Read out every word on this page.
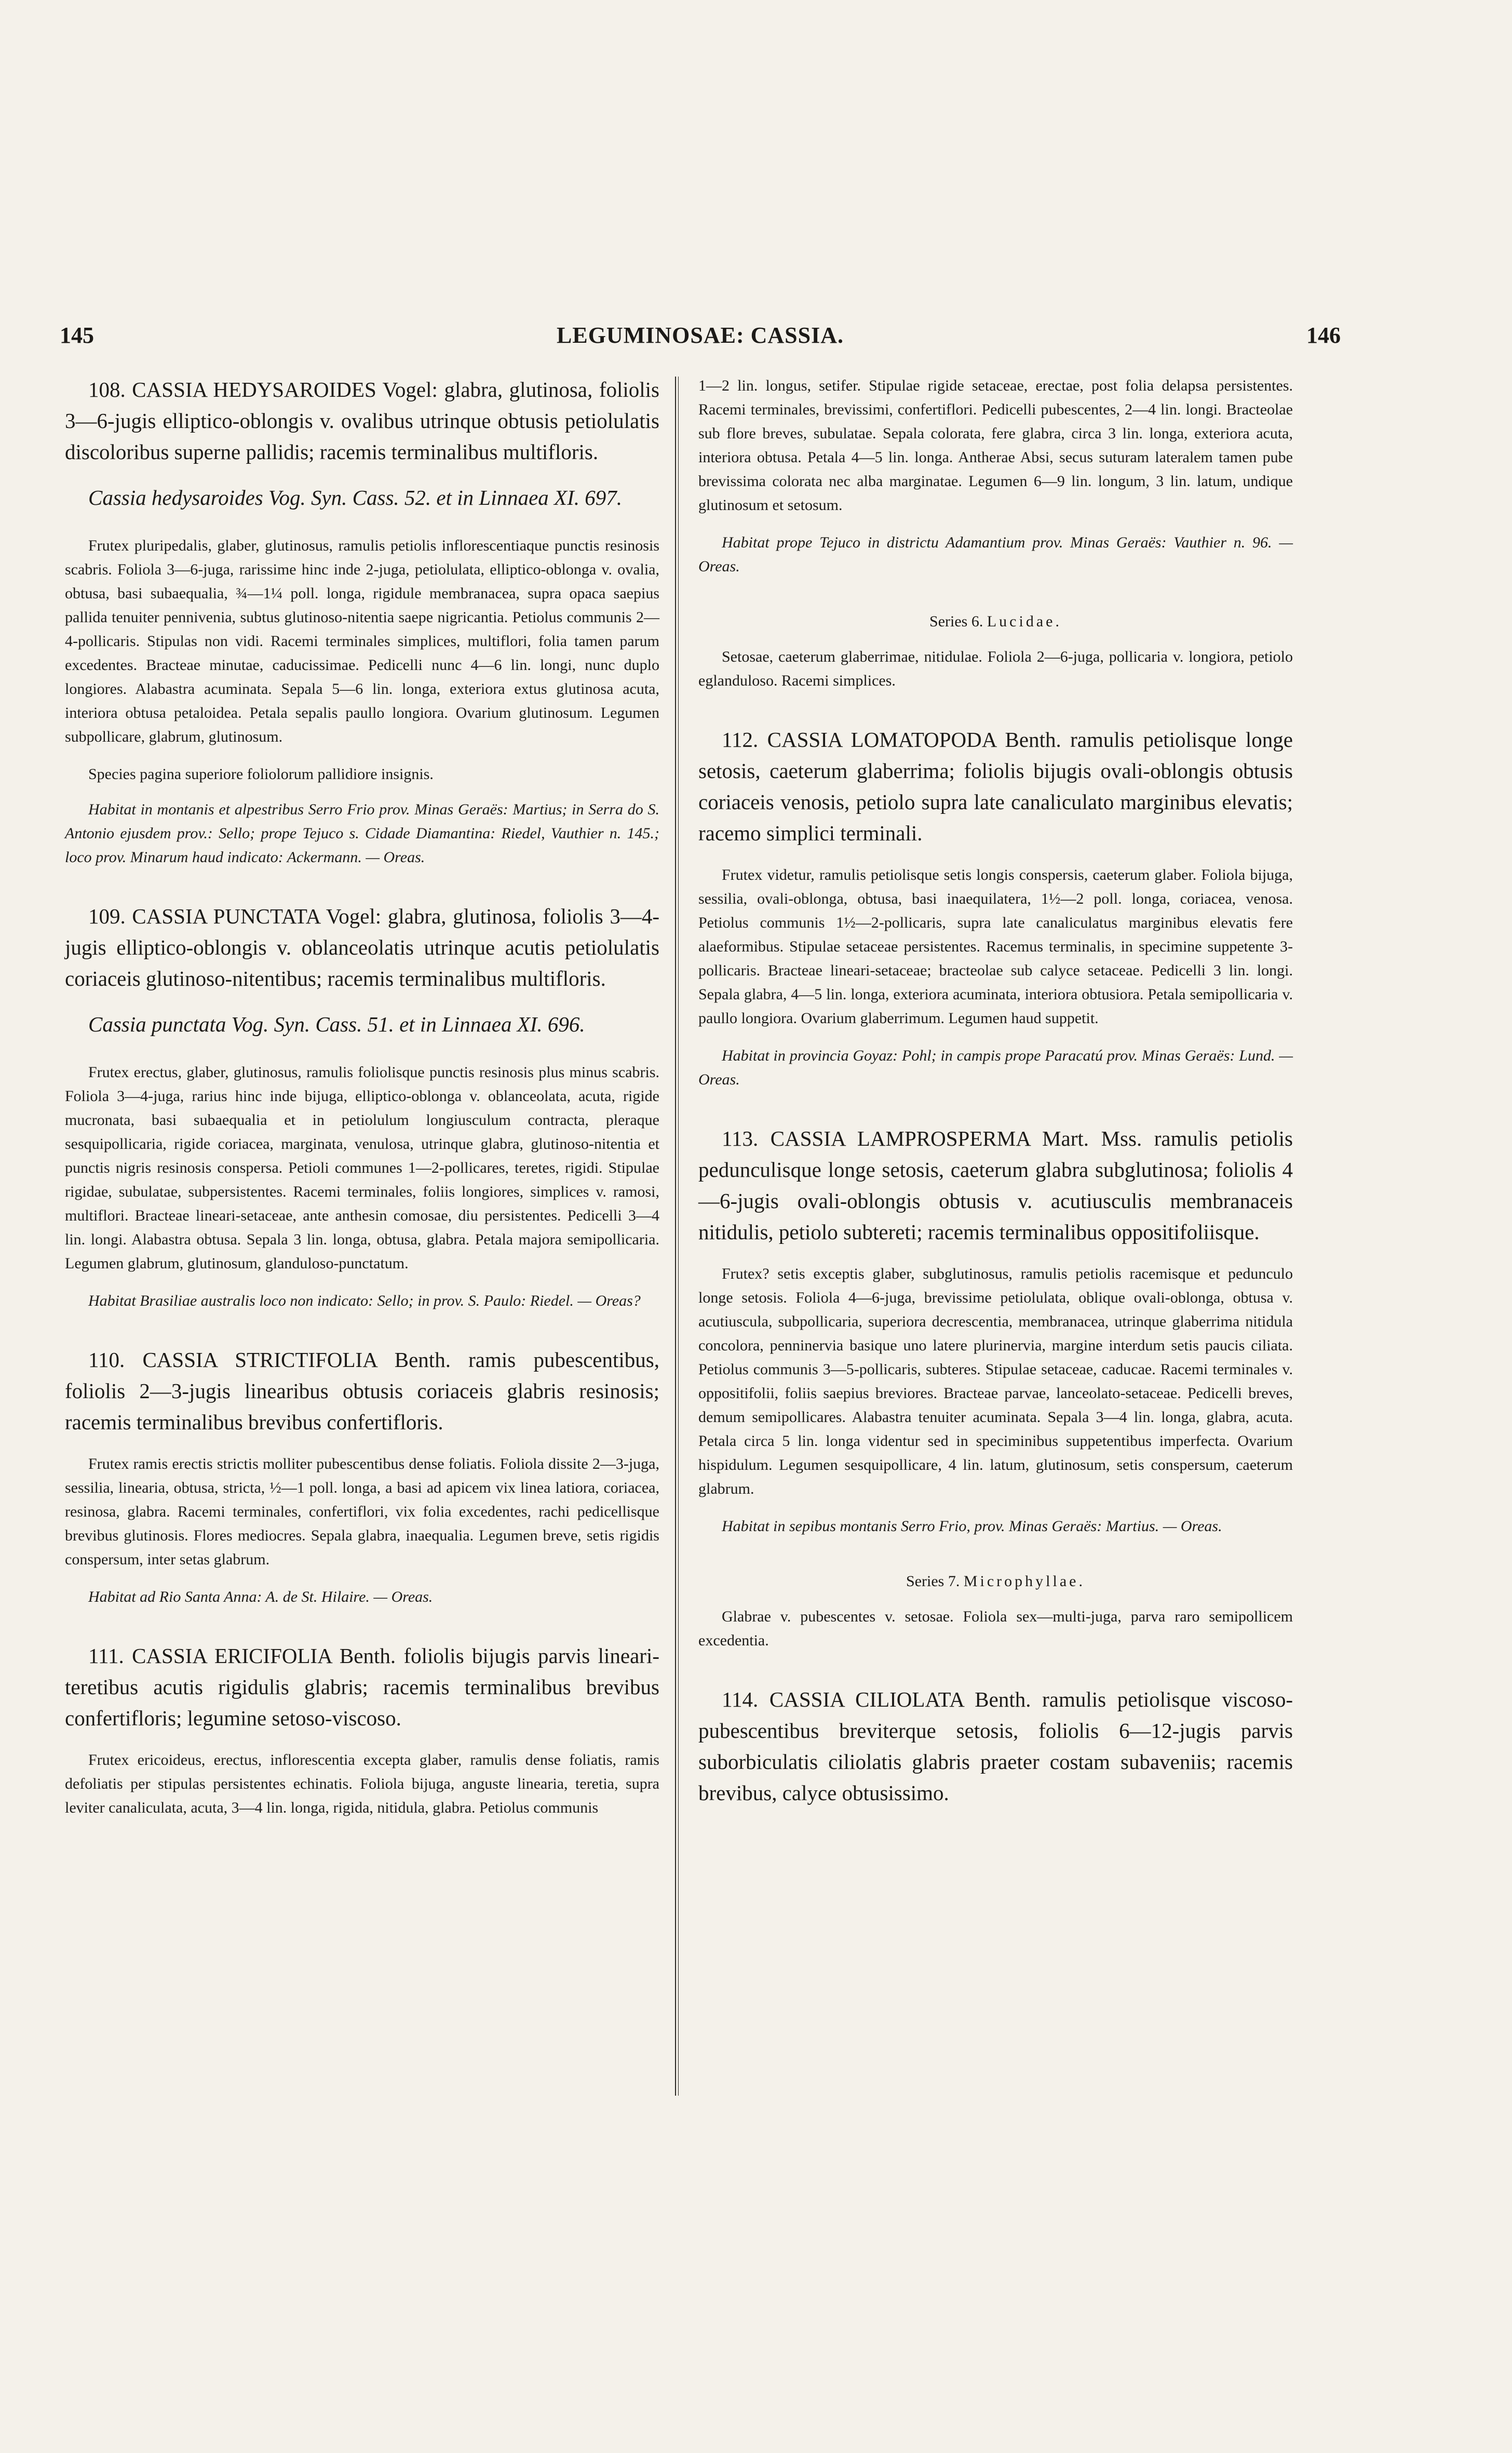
145	LEGUMINOSAE: CASSIA.	146

108. CASSIA HEDYSAROIDES Vogel: glabra, glutinosa, foliolis 3—6-jugis elliptico-oblongis v. ovalibus utrinque obtusis petiolulatis discoloribus superne pallidis; racemis terminalibus multifloris.

Cassia hedysaroides Vog. Syn. Cass. 52. et in Linnaea XI. 697.

Frutex pluripedalis, glaber, glutinosus, ramulis petiolis inflorescentiaque punctis resinosis scabris. Foliola 3—6-juga, rarissime hinc inde 2-juga, petiolulata, elliptico-oblonga v. ovalia, obtusa, basi subaequalia, ¾—1¼ poll. longa, rigidule membranacea, supra opaca saepius pallida tenuiter pennivenia, subtus glutinoso-nitentia saepe nigricantia. Petiolus communis 2—4-pollicaris. Stipulas non vidi. Racemi terminales simplices, multiflori, folia tamen parum excedentes. Bracteae minutae, caducissimae. Pedicelli nunc 4—6 lin. longi, nunc duplo longiores. Alabastra acuminata. Sepala 5—6 lin. longa, exteriora extus glutinosa acuta, interiora obtusa petaloidea. Petala sepalis paullo longiora. Ovarium glutinosum. Legumen subpollicare, glabrum, glutinosum.

Species pagina superiore foliolorum pallidiore insignis.

Habitat in montanis et alpestribus Serro Frio prov. Minas Geraës: Martius; in Serra do S. Antonio ejusdem prov.: Sello; prope Tejuco s. Cidade Diamantina: Riedel, Vauthier n. 145.; loco prov. Minarum haud indicato: Ackermann. — Oreas.

109. CASSIA PUNCTATA Vogel: glabra, glutinosa, foliolis 3—4-jugis elliptico-oblongis v. oblanceolatis utrinque acutis petiolulatis coriaceis glutinoso-nitentibus; racemis terminalibus multifloris.

Cassia punctata Vog. Syn. Cass. 51. et in Linnaea XI. 696.

Frutex erectus, glaber, glutinosus, ramulis foliolisque punctis resinosis plus minus scabris. Foliola 3—4-juga, rarius hinc inde bijuga, elliptico-oblonga v. oblanceolata, acuta, rigide mucronata, basi subaequalia et in petiolulum longiusculum contracta, pleraque sesquipollicaria, rigide coriacea, marginata, venulosa, utrinque glabra, glutinoso-nitentia et punctis nigris resinosis conspersa. Petioli communes 1—2-pollicares, teretes, rigidi. Stipulae rigidae, subulatae, subpersistentes. Racemi terminales, foliis longiores, simplices v. ramosi, multiflori. Bracteae lineari-setaceae, ante anthesin comosae, diu persistentes. Pedicelli 3—4 lin. longi. Alabastra obtusa. Sepala 3 lin. longa, obtusa, glabra. Petala majora semipollicaria. Legumen glabrum, glutinosum, glanduloso-punctatum.

Habitat Brasiliae australis loco non indicato: Sello; in prov. S. Paulo: Riedel. — Oreas?

110. CASSIA STRICTIFOLIA Benth. ramis pubescentibus, foliolis 2—3-jugis linearibus obtusis coriaceis glabris resinosis; racemis terminalibus brevibus confertifloris.

Frutex ramis erectis strictis molliter pubescentibus dense foliatis. Foliola dissite 2—3-juga, sessilia, linearia, obtusa, stricta, ½—1 poll. longa, a basi ad apicem vix lineа latiora, coriacea, resinosa, glabra. Racemi terminales, confertiflori, vix folia excedentes, rachi pedicellisque brevibus glutinosis. Flores mediocres. Sepala glabra, inaequalia. Legumen breve, setis rigidis conspersum, inter setas glabrum.

Habitat ad Rio Santa Anna: A. de St. Hilaire. — Oreas.

111. CASSIA ERICIFOLIA Benth. foliolis bijugis parvis lineari-teretibus acutis rigidulis glabris; racemis terminalibus brevibus confertifloris; legumine setoso-viscoso.

Frutex ericoideus, erectus, inflorescentia excepta glaber, ramulis dense foliatis, ramis defoliatis per stipulas persistentes echinatis. Foliola bijuga, anguste linearia, teretia, supra leviter canaliculata, acuta, 3—4 lin. longa, rigida, nitidula, glabra. Petiolus communis

1—2 lin. longus, setifer. Stipulae rigide setaceae, erectae, post folia delapsa persistentes. Racemi terminales, brevissimi, confertiflori. Pedicelli pubescentes, 2—4 lin. longi. Bracteolae sub flore breves, subulatae. Sepala colorata, fere glabra, circa 3 lin. longa, exteriora acuta, interiora obtusa. Petala 4—5 lin. longa. Antherae Absi, secus suturam lateralem tamen pube brevissima colorata nec alba marginatae. Legumen 6—9 lin. longum, 3 lin. latum, undique glutinosum et setosum.

Habitat prope Tejuco in districtu Adamantium prov. Minas Geraës: Vauthier n. 96. — Oreas.

Series 6. Lucidae.

Setosae, caeterum glaberrimae, nitidulae. Foliola 2—6-juga, pollicaria v. longiora, petiolo eglanduloso. Racemi simplices.

112. CASSIA LOMATOPODA Benth. ramulis petiolisque longe setosis, caeterum glaberrima; foliolis bijugis ovali-oblongis obtusis coriaceis venosis, petiolo supra late canaliculato marginibus elevatis; racemo simplici terminali.

Frutex videtur, ramulis petiolisque setis longis conspersis, caeterum glaber. Foliola bijuga, sessilia, ovali-oblonga, obtusa, basi inaequilatera, 1½—2 poll. longa, coriacea, venosa. Petiolus communis 1½—2-pollicaris, supra late canaliculatus marginibus elevatis fere alaeformibus. Stipulae setaceae persistentes. Racemus terminalis, in specimine suppetente 3-pollicaris. Bracteae lineari-setaceae; bracteolae sub calyce setaceae. Pedicelli 3 lin. longi. Sepala glabra, 4—5 lin. longa, exteriora acuminata, interiora obtusiora. Petala semipollicaria v. paullo longiora. Ovarium glaberrimum. Legumen haud suppetit.

Habitat in provincia Goyaz: Pohl; in campis prope Paracatú prov. Minas Geraës: Lund. — Oreas.

113. CASSIA LAMPROSPERMA Mart. Mss. ramulis petiolis pedunculisque longe setosis, caeterum glabra subglutinosa; foliolis 4—6-jugis ovali-oblongis obtusis v. acutiusculis membranaceis nitidulis, petiolo subtereti; racemis terminalibus oppositifoliisque.

Frutex? setis exceptis glaber, subglutinosus, ramulis petiolis racemisque et pedunculo longe setosis. Foliola 4—6-juga, brevissime petiolulata, oblique ovali-oblonga, obtusa v. acutiuscula, subpollicaria, superiora decrescentia, membranacea, utrinque glaberrima nitidula concolora, penninervia basique uno latere plurinervia, margine interdum setis paucis ciliata. Petiolus communis 3—5-pollicaris, subteres. Stipulae setaceae, caducae. Racemi terminales v. oppositifolii, foliis saepius breviores. Bracteae parvae, lanceolato-setaceae. Pedicelli breves, demum semipollicares. Alabastra tenuiter acuminata. Sepala 3—4 lin. longa, glabra, acuta. Petala circa 5 lin. longa videntur sed in speciminibus suppetentibus imperfecta. Ovarium hispidulum. Legumen sesquipollicare, 4 lin. latum, glutinosum, setis conspersum, caeterum glabrum.

Habitat in sepibus montanis Serro Frio, prov. Minas Geraës: Martius. — Oreas.

Series 7. Microphyllae.

Glabrae v. pubescentes v. setosae. Foliola sex—multi-juga, parva raro semipollicem excedentia.

114. CASSIA CILIOLATA Benth. ramulis petiolisque viscoso-pubescentibus breviterque setosis, foliolis 6—12-jugis parvis suborbiculatis ciliolatis glabris praeter costam subaveniis; racemis brevibus, calyce obtusissimo.
